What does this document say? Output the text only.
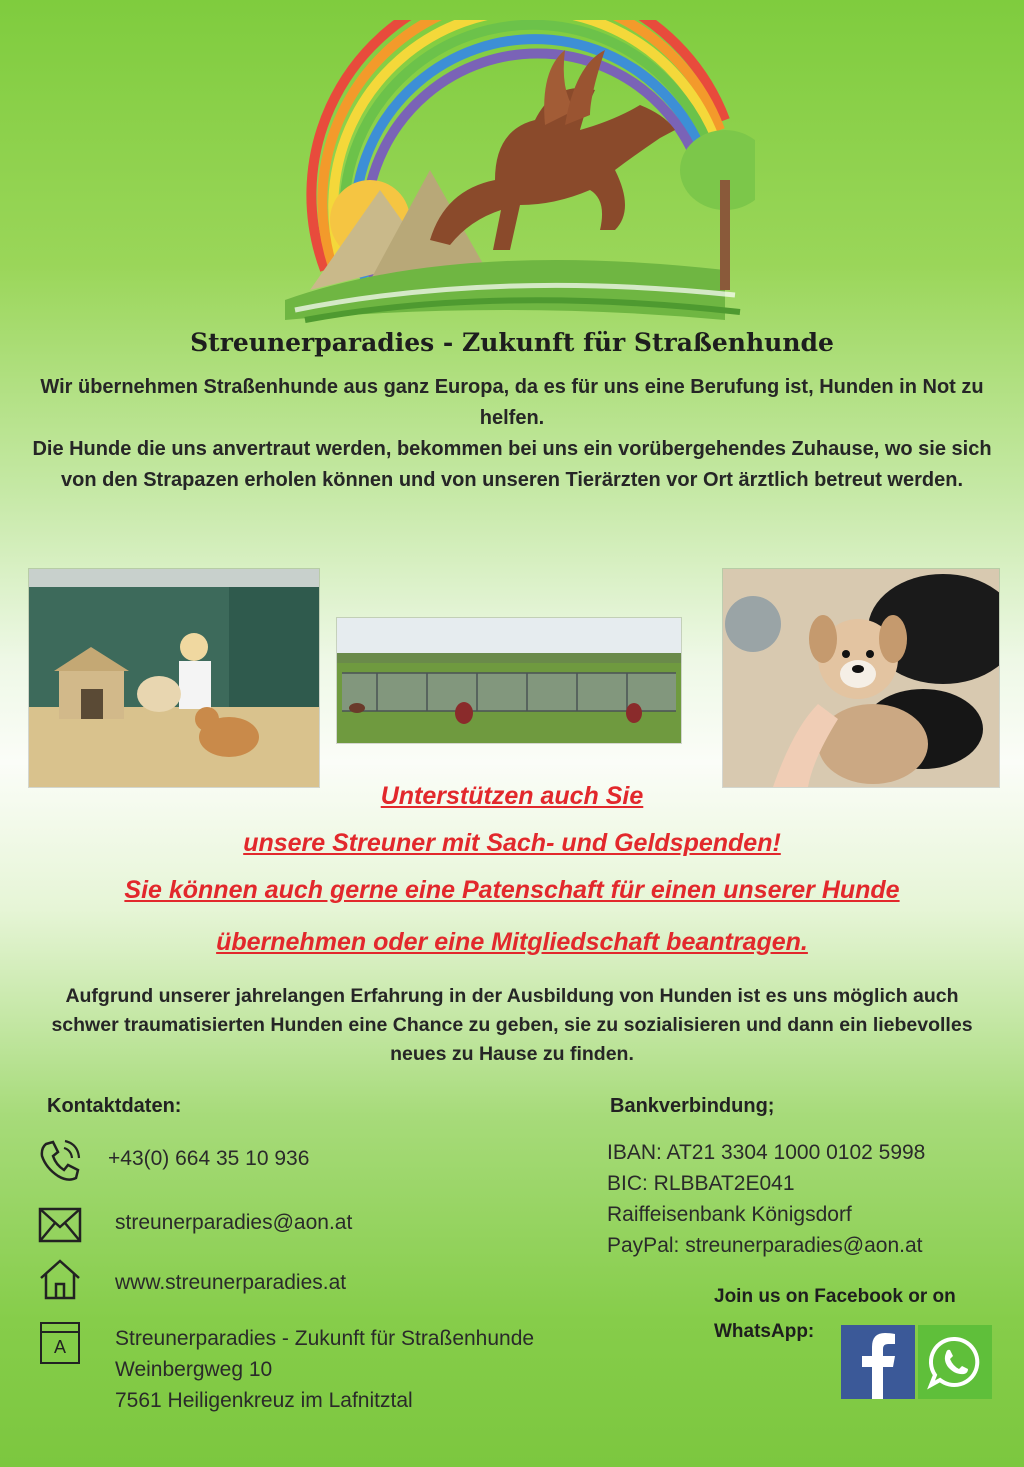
Streunerparadies - Zukunft für Straßenhunde

Wir übernehmen Straßenhunde aus ganz Europa, da es für uns eine Berufung ist, Hunden in Not zu helfen.

Die Hunde die uns anvertraut werden, bekommen bei uns ein vorübergehendes Zuhause, wo sie sich von den Strapazen erholen können und von unseren Tierärzten vor Ort ärztlich betreut werden.

Unterstützen auch Sie
unsere Streuner mit Sach- und Geldspenden!
Sie können auch gerne eine Patenschaft für einen unserer Hunde
übernehmen oder eine Mitgliedschaft beantragen.
Aufgrund unserer jahrelangen Erfahrung in der Ausbildung von Hunden ist es uns möglich auch schwer traumatisierten Hunden eine Chance zu geben, sie zu sozialisieren und dann ein liebevolles neues zu Hause zu finden.
Kontaktdaten:
+43(0) 664 35 10 936
streunerparadies@aon.at
www.streunerparadies.at
A	Streunerparadies - Zukunft für Straßenhunde
Weinbergweg 10
7561 Heiligenkreuz im Lafnitztal
Bankverbindung;
IBAN: AT21 3304 1000 0102 5998
BIC: RLBBAT2E041
Raiffeisenbank Königsdorf
PayPal: streunerparadies@aon.at
Join us on Facebook or on
WhatsApp:
